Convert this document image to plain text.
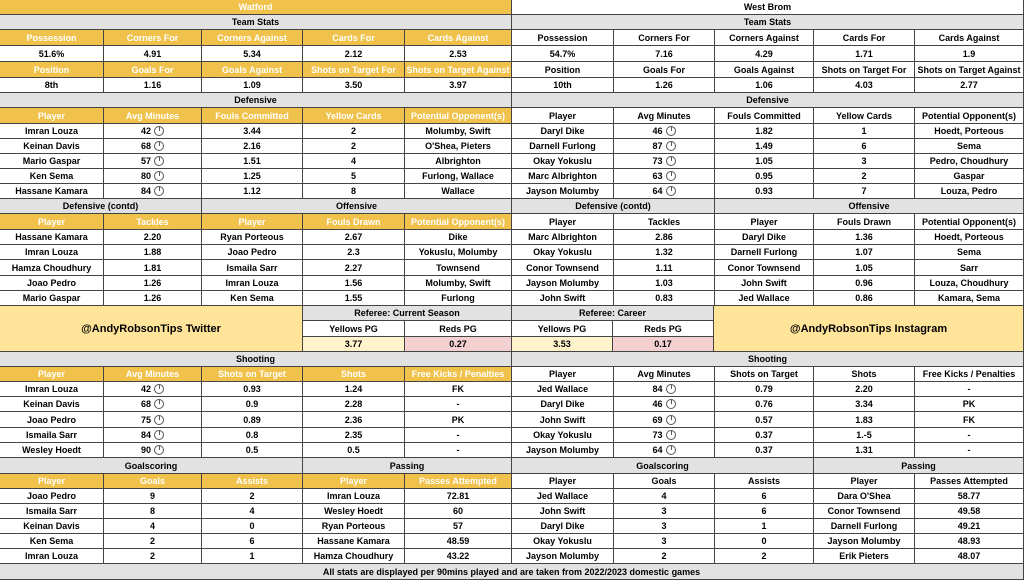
Watford	West Brom
Team Stats	Team Stats
Possession	Corners For	Corners Against	Cards For	Cards Against	Possession	Corners For	Corners Against	Cards For	Cards Against
51.6%	4.91	5.34	2.12	2.53	54.7%	7.16	4.29	1.71	1.9
Position	Goals For	Goals Against	Shots on Target For	Shots on Target Against	Position	Goals For	Goals Against	Shots on Target For	Shots on Target Against
8th	1.16	1.09	3.50	3.97	10th	1.26	1.06	4.03	2.77
Defensive	Defensive
Player	Avg Minutes	Fouls Committed	Yellow Cards	Potential Opponent(s)	Player	Avg Minutes	Fouls Committed	Yellow Cards	Potential Opponent(s)
Imran Louza	42	3.44	2	Molumby, Swift	Daryl Dike	46	1.82	1	Hoedt, Porteous
Keinan Davis	68	2.16	2	O'Shea, Pieters	Darnell Furlong	87	1.49	6	Sema
Mario Gaspar	57	1.51	4	Albrighton	Okay Yokuslu	73	1.05	3	Pedro, Choudhury
Ken Sema	80	1.25	5	Furlong, Wallace	Marc Albrighton	63	0.95	2	Gaspar
Hassane Kamara	84	1.12	8	Wallace	Jayson Molumby	64	0.93	7	Louza, Pedro
Defensive (contd)	Offensive	Defensive (contd)	Offensive
Player	Tackles	Player	Fouls Drawn	Potential Opponent(s)	Player	Tackles	Player	Fouls Drawn	Potential Opponent(s)
Hassane Kamara	2.20	Ryan Porteous	2.67	Dike	Marc Albrighton	2.86	Daryl Dike	1.36	Hoedt, Porteous
Imran Louza	1.88	Joao Pedro	2.3	Yokuslu, Molumby	Okay Yokuslu	1.32	Darnell Furlong	1.07	Sema
Hamza Choudhury	1.81	Ismaila Sarr	2.27	Townsend	Conor Townsend	1.11	Conor Townsend	1.05	Sarr
Joao Pedro	1.26	Imran Louza	1.56	Molumby, Swift	Jayson Molumby	1.03	John Swift	0.96	Louza, Choudhury
Mario Gaspar	1.26	Ken Sema	1.55	Furlong	John Swift	0.83	Jed Wallace	0.86	Kamara, Sema
@AndyRobsonTips Twitter
Referee: Current Season
Yellows PG	Reds PG
3.77	0.27
Referee: Career
Yellows PG	Reds PG
3.53	0.17
@AndyRobsonTips Instagram
Shooting	Shooting
Player	Avg Minutes	Shots on Target	Shots	Free Kicks / Penalties	Player	Avg Minutes	Shots on Target	Shots	Free Kicks / Penalties
Imran Louza	42	0.93	1.24	FK	Jed Wallace	84	0.79	2.20	-
Keinan Davis	68	0.9	2.28	-	Daryl Dike	46	0.76	3.34	PK
Joao Pedro	75	0.89	2.36	PK	John Swift	69	0.57	1.83	FK
Ismaila Sarr	84	0.8	2.35	-	Okay Yokuslu	73	0.37	1.-5	-
Wesley Hoedt	90	0.5	0.5	-	Jayson Molumby	64	0.37	1.31	-
Goalscoring	Passing	Goalscoring	Passing
Player	Goals	Assists	Player	Passes Attempted	Player	Goals	Assists	Player	Passes Attempted
Joao Pedro	9	2	Imran Louza	72.81	Jed Wallace	4	6	Dara O'Shea	58.77
Ismaila Sarr	8	4	Wesley Hoedt	60	John Swift	3	6	Conor Townsend	49.58
Keinan Davis	4	0	Ryan Porteous	57	Daryl Dike	3	1	Darnell Furlong	49.21
Ken Sema	2	6	Hassane Kamara	48.59	Okay Yokuslu	3	0	Jayson Molumby	48.93
Imran Louza	2	1	Hamza Choudhury	43.22	Jayson Molumby	2	2	Erik Pieters	48.07
All stats are displayed per 90mins played and are taken from 2022/2023 domestic games
